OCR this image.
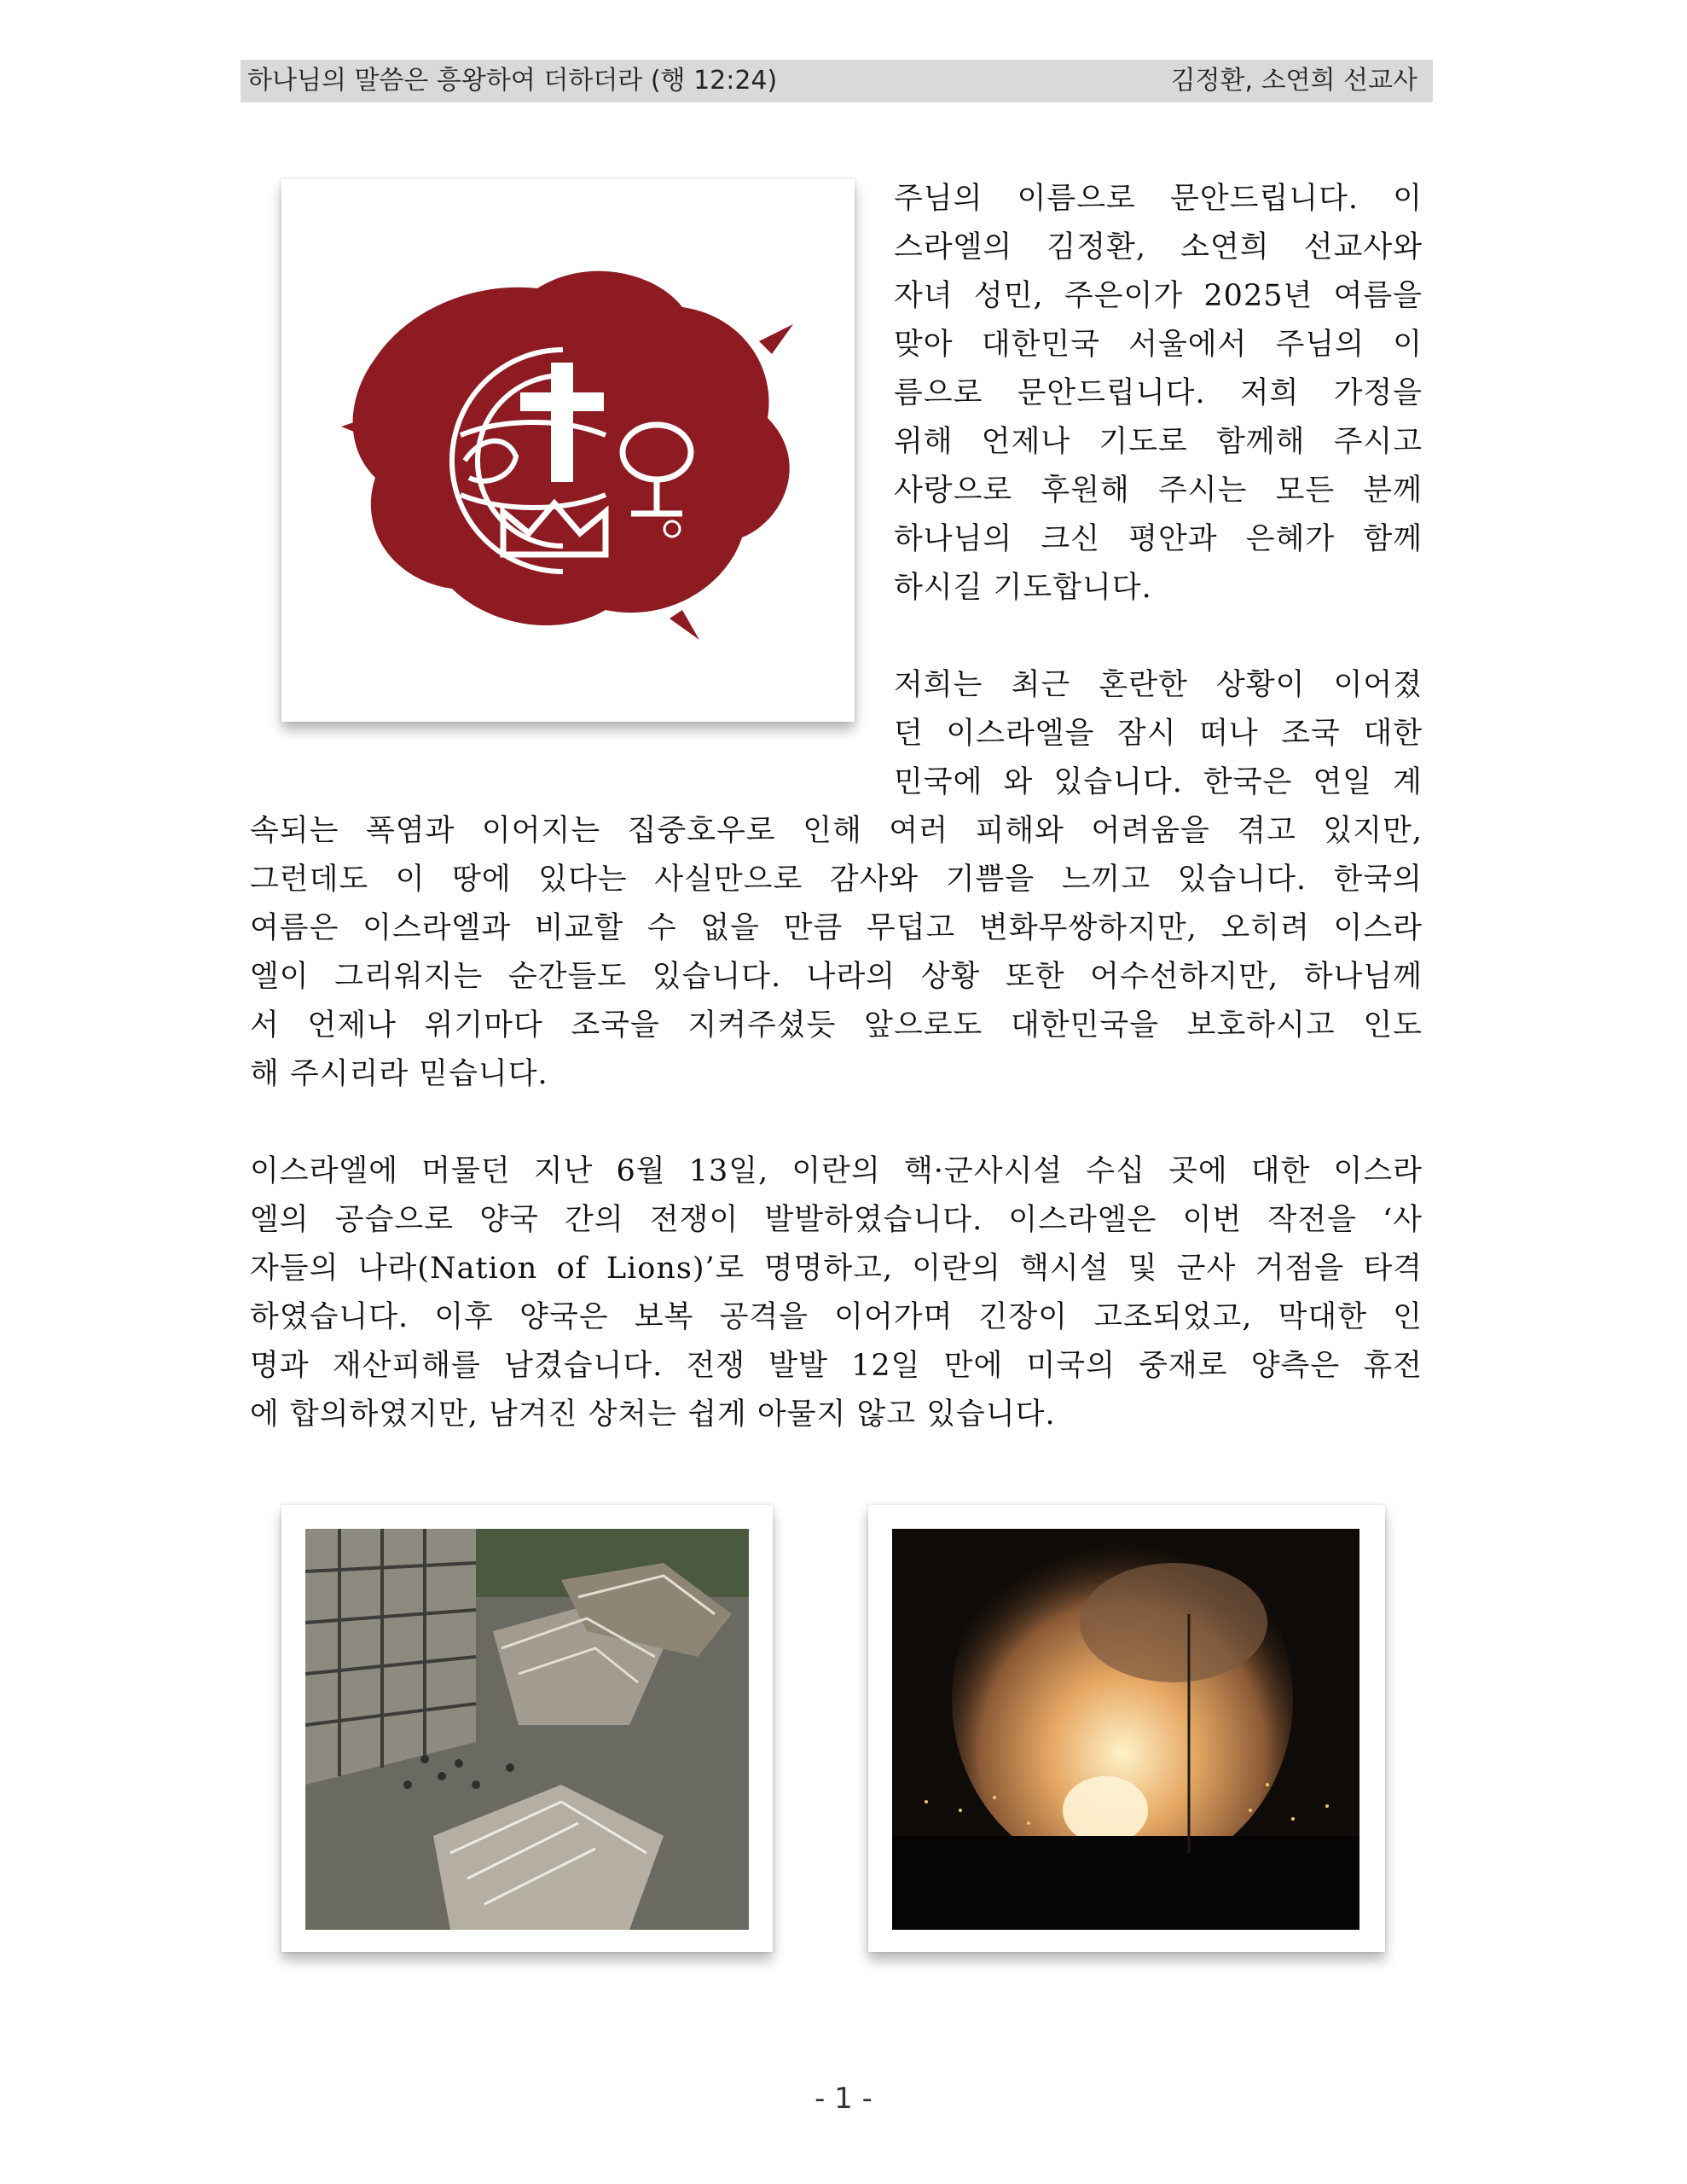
하나님의 말씀은 흥왕하여 더하더라 (행 12:24)	김정환, 소연희 선교사
주님의 이름으로 문안드립니다. 이
스라엘의 김정환, 소연희 선교사와
자녀 성민, 주은이가 2025년 여름을
맞아 대한민국 서울에서 주님의 이
름으로 문안드립니다. 저희 가정을
위해 언제나 기도로 함께해 주시고
사랑으로 후원해 주시는 모든 분께
하나님의 크신 평안과 은혜가 함께
하시길 기도합니다.
저희는 최근 혼란한 상황이 이어졌
던 이스라엘을 잠시 떠나 조국 대한
민국에 와 있습니다. 한국은 연일 계
속되는 폭염과 이어지는 집중호우로 인해 여러 피해와 어려움을 겪고 있지만,
그런데도 이 땅에 있다는 사실만으로 감사와 기쁨을 느끼고 있습니다. 한국의
여름은 이스라엘과 비교할 수 없을 만큼 무덥고 변화무쌍하지만, 오히려 이스라
엘이 그리워지는 순간들도 있습니다. 나라의 상황 또한 어수선하지만, 하나님께
서 언제나 위기마다 조국을 지켜주셨듯 앞으로도 대한민국을 보호하시고 인도
해 주시리라 믿습니다.
이스라엘에 머물던 지난 6월 13일, 이란의 핵·군사시설 수십 곳에 대한 이스라
엘의 공습으로 양국 간의 전쟁이 발발하였습니다. 이스라엘은 이번 작전을 ‘사
자들의 나라(Nation of Lions)’로 명명하고, 이란의 핵시설 및 군사 거점을 타격
하였습니다. 이후 양국은 보복 공격을 이어가며 긴장이 고조되었고, 막대한 인
명과 재산피해를 남겼습니다. 전쟁 발발 12일 만에 미국의 중재로 양측은 휴전
에 합의하였지만, 남겨진 상처는 쉽게 아물지 않고 있습니다.
- 1 -
